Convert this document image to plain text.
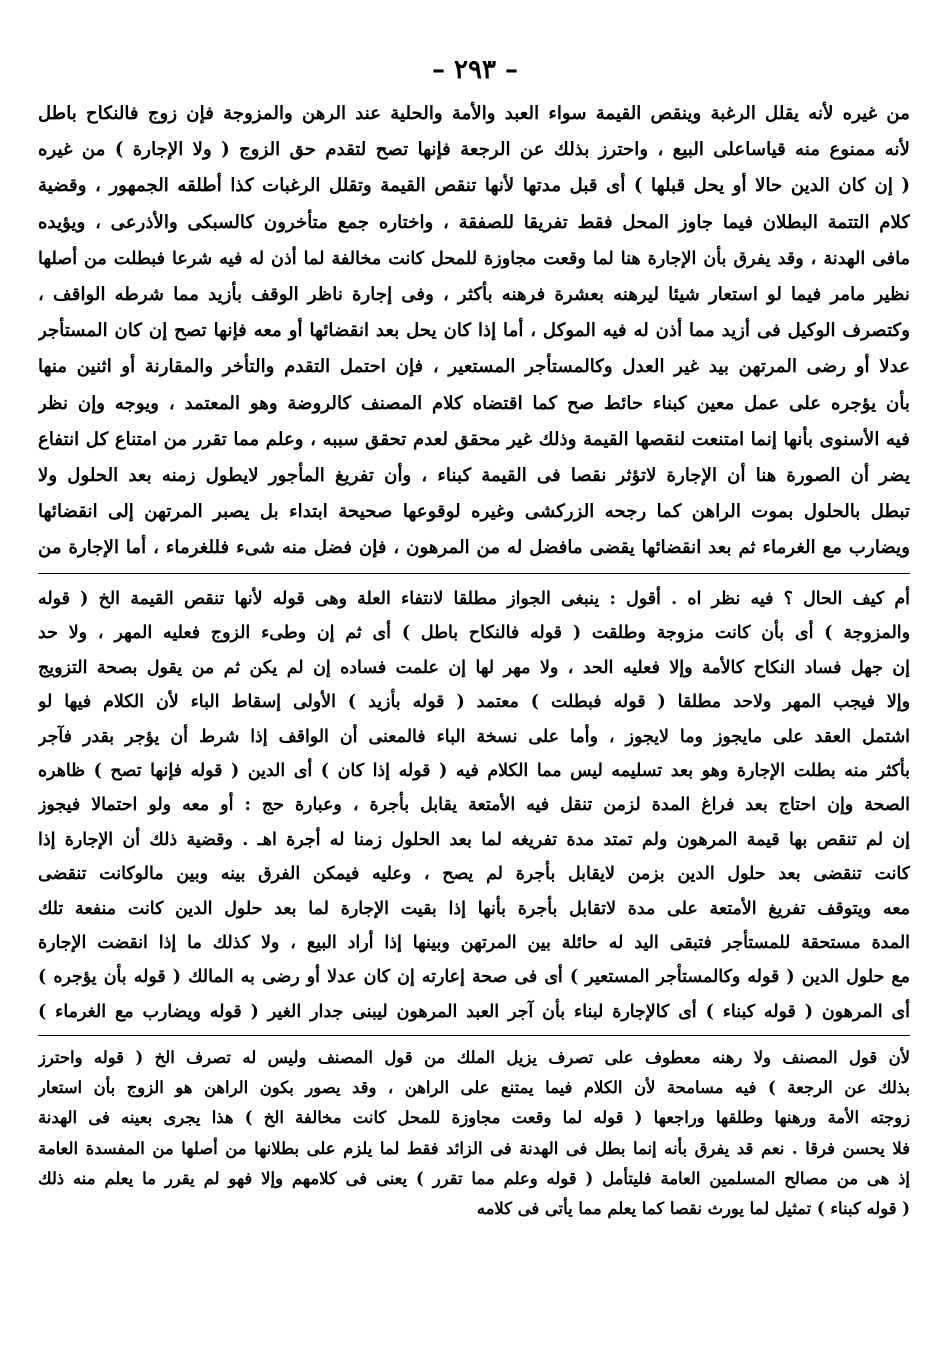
– ٢٩٣ –
من غيره لأنه يقلل الرغبة وينقص القيمة سواء العبد والأمة والحلية عند الرهن والمزوجة فإن زوج فالنكاح باطل
لأنه ممنوع منه قياساعلى البيع ، واحترز بذلك عن الرجعة فإنها تصح لتقدم حق الزوج ( ولا الإجارة ) من غيره
( إن كان الدين حالا أو يحل قبلها ) أى قبل مدتها لأنها تنقص القيمة وتقلل الرغبات كذا أطلقه الجمهور ، وقضية
كلام التتمة البطلان فيما جاوز المحل فقط تفريقا للصفقة ، واختاره جمع متأخرون كالسبكى والأذرعى ، ويؤيده
مافى الهدنة ، وقد يفرق بأن الإجارة هنا لما وقعت مجاوزة للمحل كانت مخالفة لما أذن له فيه شرعا فبطلت من أصلها
نظير مامر فيما لو استعار شيئا ليرهنه بعشرة فرهنه بأكثر ، وفى إجارة ناظر الوقف بأزيد مما شرطه الواقف ،
وكتصرف الوكيل فى أزيد مما أذن له فيه الموكل ، أما إذا كان يحل بعد انقضائها أو معه فإنها تصح إن كان المستأجر
عدلا أو رضى المرتهن بيد غير العدل وكالمستأجر المستعير ، فإن احتمل التقدم والتأخر والمقارنة أو اثنين منها
بأن يؤجره على عمل معين كبناء حائط صح كما اقتضاه كلام المصنف كالروضة وهو المعتمد ، ويوجه وإن نظر
فيه الأسنوى بأنها إنما امتنعت لنقصها القيمة وذلك غير محقق لعدم تحقق سببه ، وعلم مما تقرر من امتناع كل انتفاع
يضر أن الصورة هنا أن الإجارة لاتؤثر نقصا فى القيمة كبناء ، وأن تفريغ المأجور لايطول زمنه بعد الحلول ولا
تبطل بالحلول بموت الراهن كما رجحه الزركشى وغيره لوقوعها صحيحة ابتداء بل يصبر المرتهن إلى انقضائها
ويضارب مع الغرماء ثم بعد انقضائها يقضى مافضل له من المرهون ، فإن فضل منه شىء فللغرماء ، أما الإجارة من
أم كيف الحال ؟ فيه نظر اه . أقول : ينبغى الجواز مطلقا لانتفاء العلة وهى قوله لأنها تنقص القيمة الخ ( قوله
والمزوجة ) أى بأن كانت مزوجة وطلقت ( قوله فالنكاح باطل ) أى ثم إن وطىء الزوج فعليه المهر ، ولا حد
إن جهل فساد النكاح كالأمة وإلا فعليه الحد ، ولا مهر لها إن علمت فساده إن لم يكن ثم من يقول بصحة التزويج
وإلا فيجب المهر ولاحد مطلقا ( قوله فبطلت ) معتمد ( قوله بأزيد ) الأولى إسقاط الباء لأن الكلام فيها لو
اشتمل العقد على مايجوز وما لايجوز ، وأما على نسخة الباء فالمعنى أن الواقف إذا شرط أن يؤجر بقدر فآجر
بأكثر منه بطلت الإجارة وهو بعد تسليمه ليس مما الكلام فيه ( قوله إذا كان ) أى الدين ( قوله فإنها تصح ) ظاهره
الصحة وإن احتاج بعد فراغ المدة لزمن تنقل فيه الأمتعة يقابل بأجرة ، وعبارة حج : أو معه ولو احتمالا فيجوز
إن لم تنقص بها قيمة المرهون ولم تمتد مدة تفريغه لما بعد الحلول زمنا له أجرة اهـ . وقضية ذلك أن الإجارة إذا
كانت تنقضى بعد حلول الدين بزمن لايقابل بأجرة لم يصح ، وعليه فيمكن الفرق بينه وبين مالوكانت تنقضى
معه ويتوقف تفريغ الأمتعة على مدة لاتقابل بأجرة بأنها إذا بقيت الإجارة لما بعد حلول الدين كانت منفعة تلك
المدة مستحقة للمستأجر فتبقى اليد له حائلة بين المرتهن وبينها إذا أراد البيع ، ولا كذلك ما إذا انقضت الإجارة
مع حلول الدين ( قوله وكالمستأجر المستعير ) أى فى صحة إعارته إن كان عدلا أو رضى به المالك ( قوله بأن يؤجره )
أى المرهون ( قوله كبناء ) أى كالإجارة لبناء بأن آجر العبد المرهون ليبنى جدار الغير ( قوله ويضارب مع الغرماء )
لأن قول المصنف ولا رهنه معطوف على تصرف يزيل الملك من قول المصنف وليس له تصرف الخ ( قوله واحترز
بذلك عن الرجعة ) فيه مسامحة لأن الكلام فيما يمتنع على الراهن ، وقد يصور بكون الراهن هو الزوج بأن استعار
زوجته الأمة ورهنها وطلقها وراجعها ( قوله لما وقعت مجاوزة للمحل كانت مخالفة الخ ) هذا يجرى بعينه فى الهدنة
فلا يحسن فرقا . نعم قد يفرق بأنه إنما بطل فى الهدنة فى الزائد فقط لما يلزم على بطلانها من أصلها من المفسدة العامة
إذ هى من مصالح المسلمين العامة فليتأمل ( قوله وعلم مما تقرر ) يعنى فى كلامهم وإلا فهو لم يقرر ما يعلم منه ذلك
( قوله كبناء ) تمثيل لما يورث نقصا كما يعلم مما يأتى فى كلامه
